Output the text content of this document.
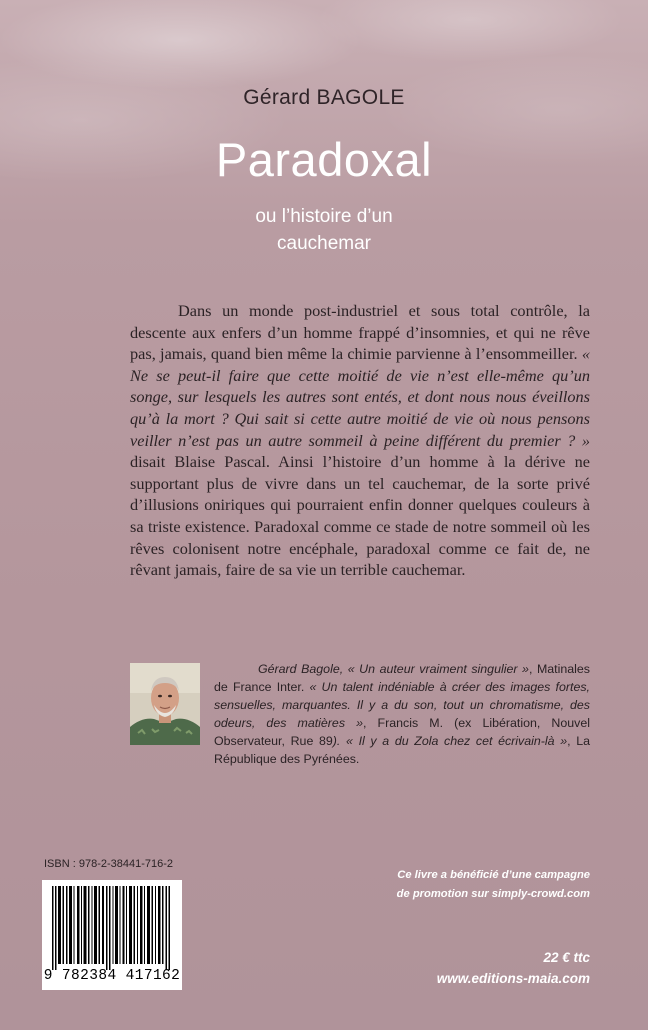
Gérard BAGOLE
Paradoxal
ou l’histoire d’un
cauchemar

Dans un monde post-industriel et sous total contrôle, la descente aux enfers d’un homme frappé d’insomnies, et qui ne rêve pas, jamais, quand bien même la chimie parvienne à l’ensommeiller. « Ne se peut-il faire que cette moitié de vie n’est elle-même qu’un songe, sur lesquels les autres sont entés, et dont nous nous éveillons qu’à la mort ? Qui sait si cette autre moitié de vie où nous pensons veiller n’est pas un autre sommeil à peine différent du premier ? » disait Blaise Pascal. Ainsi l’histoire d’un homme à la dérive ne supportant plus de vivre dans un tel cauchemar, de la sorte privé d’illusions oniriques qui pourraient enfin donner quelques couleurs à sa triste existence. Paradoxal comme ce stade de notre sommeil où les rêves colonisent notre encéphale, paradoxal comme ce fait de, ne rêvant jamais, faire de sa vie un terrible cauchemar.

Gérard Bagole, « Un auteur vraiment singulier », Matinales de France Inter. « Un talent indéniable à créer des images fortes, sensuelles, marquantes. Il y a du son, tout un chromatisme, des odeurs, des matières », Francis M. (ex Libération, Nouvel Observateur, Rue 89). « Il y a du Zola chez cet écrivain-là », La République des Pyrénées.

ISBN : 978-2-38441-716-2
9 782384 417162
Ce livre a bénéficié d’une campagne
de promotion sur simply-crowd.com
22 € ttc
www.editions-maia.com
